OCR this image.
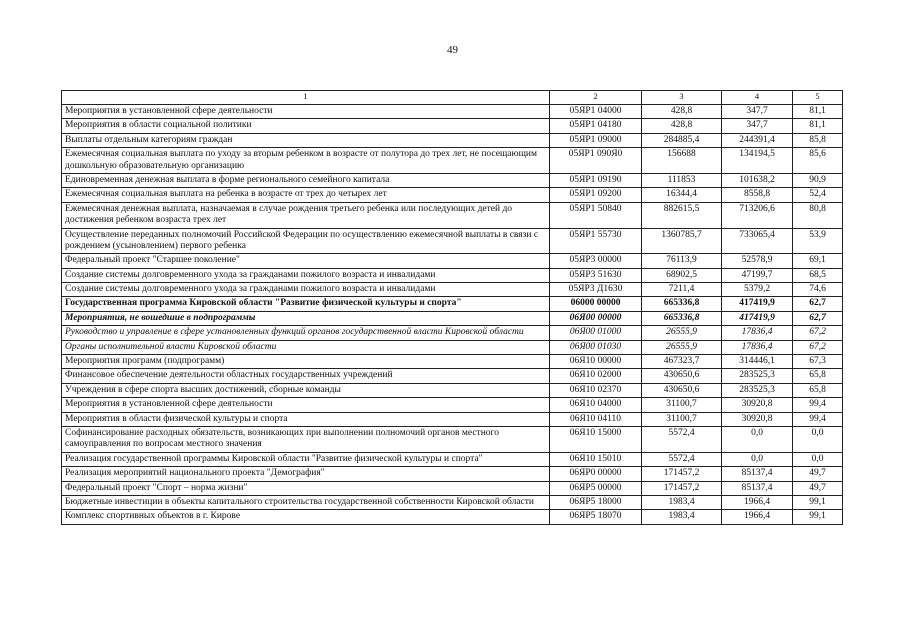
49
1	2	3	4	5
Мероприятия в установленной сфере деятельности	05ЯР1 04000	428,8	347,7	81,1
Мероприятия в области социальной политики	05ЯР1 04180	428,8	347,7	81,1
Выплаты отдельным категориям граждан	05ЯР1 09000	284885,4	244391,4	85,8
Ежемесячная социальная выплата по уходу за вторым ребенком в возрасте от полутора до трех лет, не посещающим дошкольную образовательную организацию	05ЯР1 090Я0	156688	134194,5	85,6
Единовременная денежная выплата в форме регионального семейного капитала	05ЯР1 09190	111853	101638,2	90,9
Ежемесячная социальная выплата на ребенка в возрасте от трех до четырех лет	05ЯР1 09200	16344,4	8558,8	52,4
Ежемесячная денежная выплата, назначаемая в случае рождения третьего ребенка или последующих детей до достижения ребенком возраста трех лет	05ЯР1 50840	882615,5	713206,6	80,8
Осуществление переданных полномочий Российской Федерации по осуществлению ежемесячной выплаты в связи с рождением (усыновлением) первого ребенка	05ЯР1 55730	1360785,7	733065,4	53,9
Федеральный проект "Старшее поколение"	05ЯР3 00000	76113,9	52578,9	69,1
Создание системы долговременного ухода за гражданами пожилого возраста и инвалидами	05ЯР3 51630	68902,5	47199,7	68,5
Создание системы долговременного ухода за гражданами пожилого возраста и инвалидами	05ЯР3 Д1630	7211,4	5379,2	74,6
Государственная программа Кировской области "Развитие физической культуры и спорта"	06000 00000	665336,8	417419,9	62,7
Мероприятия, не вошедшие в подпрограммы	06Я00 00000	665336,8	417419,9	62,7
Руководство и управление в сфере установленных функций органов государственной власти Кировской области	06Я00 01000	26555,9	17836,4	67,2
Органы исполнительной власти Кировской области	06Я00 01030	26555,9	17836,4	67,2
Мероприятия программ (подпрограмм)	06Я10 00000	467323,7	314446,1	67,3
Финансовое обеспечение деятельности областных государственных учреждений	06Я10 02000	430650,6	283525,3	65,8
Учреждения в сфере спорта высших достижений, сборные команды	06Я10 02370	430650,6	283525,3	65,8
Мероприятия в установленной сфере деятельности	06Я10 04000	31100,7	30920,8	99,4
Мероприятия в области физической культуры и спорта	06Я10 04110	31100,7	30920,8	99,4
Софинансирование расходных обязательств, возникающих при выполнении полномочий органов местного самоуправления по вопросам местного значения	06Я10 15000	5572,4	0,0	0,0
Реализация государственной программы Кировской области "Развитие физической культуры и спорта"	06Я10 15010	5572,4	0,0	0,0
Реализация мероприятий национального проекта "Демография"	06ЯР0 00000	171457,2	85137,4	49,7
Федеральный проект "Спорт – норма жизни"	06ЯР5 00000	171457,2	85137,4	49,7
Бюджетные инвестиции в объекты капитального строительства государственной собственности Кировской области	06ЯР5 18000	1983,4	1966,4	99,1
Комплекс спортивных объектов в г. Кирове	06ЯР5 18070	1983,4	1966,4	99,1
